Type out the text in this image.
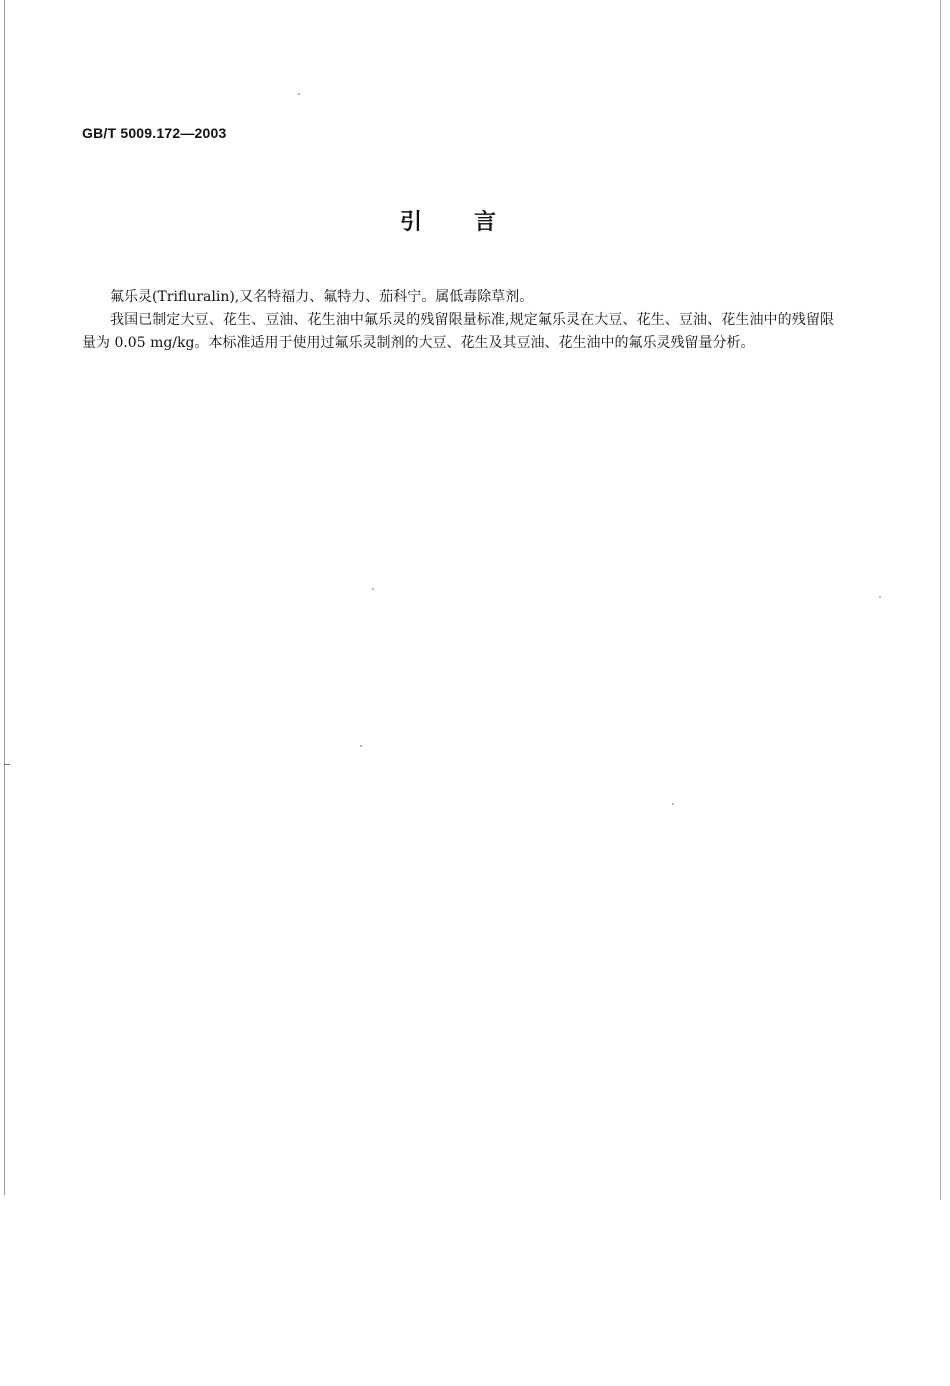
GB/T 5009.172—2003
引言

氟乐灵(Trifluralin),又名特福力、氟特力、茄科宁。属低毒除草剂。

我国已制定大豆、花生、豆油、花生油中氟乐灵的残留限量标准,规定氟乐灵在大豆、花生、豆油、花生油中的残留限量为 0.05 mg/kg。本标准适用于使用过氟乐灵制剂的大豆、花生及其豆油、花生油中的氟乐灵残留量分析。
